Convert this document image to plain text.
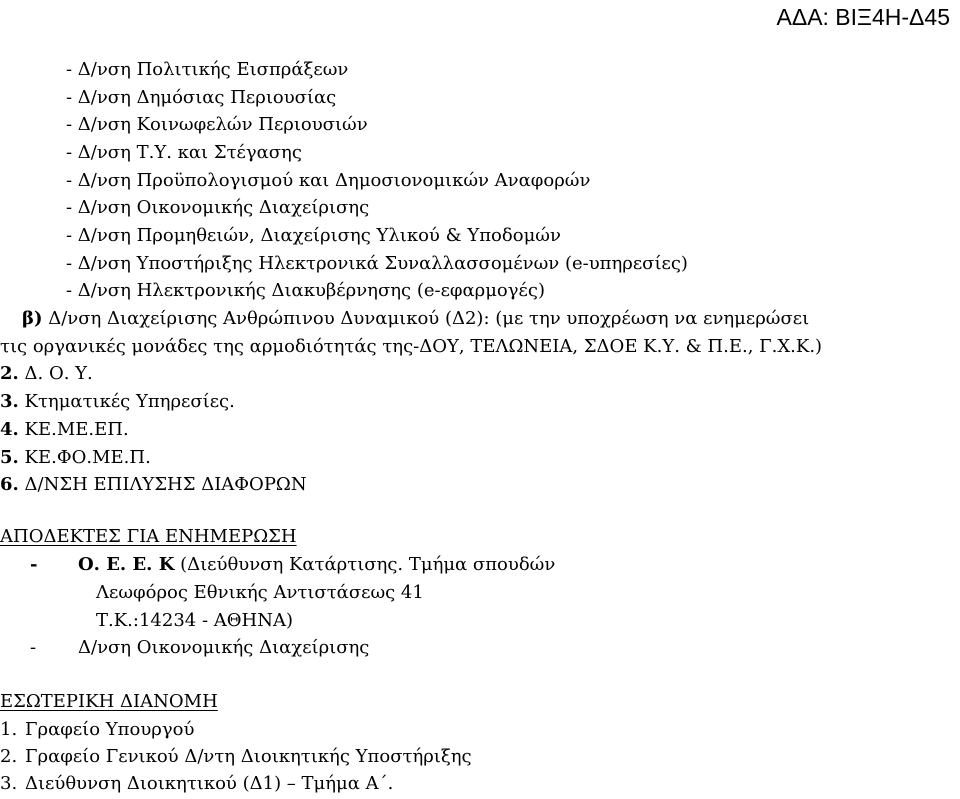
ΑΔΑ: ΒΙΞ4Η-Δ45
- Δ/νση Πολιτικής Εισπράξεων
- Δ/νση Δημόσιας Περιουσίας
- Δ/νση Κοινωφελών Περιουσιών
- Δ/νση Τ.Υ. και Στέγασης
- Δ/νση Προϋπολογισμού και Δημοσιονομικών Αναφορών
- Δ/νση Οικονομικής Διαχείρισης
- Δ/νση Προμηθειών, Διαχείρισης Υλικού & Υποδομών
- Δ/νση Υποστήριξης Ηλεκτρονικά Συναλλασσομένων (e-υπηρεσίες)
- Δ/νση Ηλεκτρονικής Διακυβέρνησης (e-εφαρμογές)
β) Δ/νση Διαχείρισης Ανθρώπινου Δυναμικού (Δ2): (με την υποχρέωση να ενημερώσει
τις οργανικές μονάδες της αρμοδιότητάς της-ΔΟΥ, ΤΕΛΩΝΕΙΑ, ΣΔΟΕ Κ.Υ. & Π.Ε., Γ.Χ.Κ.)
2. Δ. Ο. Υ.
3. Κτηματικές Υπηρεσίες.
4. ΚΕ.ΜΕ.ΕΠ.
5. ΚΕ.ΦΟ.ΜΕ.Π.
6. Δ/ΝΣΗ ΕΠΙΛΥΣΗΣ ΔΙΑΦΟΡΩΝ
ΑΠΟΔΕΚΤΕΣ ΓΙΑ ΕΝΗΜΕΡΩΣΗ
- Ο. Ε. Ε. Κ (Διεύθυνση Κατάρτισης. Τμήμα σπουδών
Λεωφόρος Εθνικής Αντιστάσεως 41
Τ.Κ.:14234 - ΑΘΗΝΑ)
- Δ/νση Οικονομικής Διαχείρισης
ΕΣΩΤΕΡΙΚΗ ΔΙΑΝΟΜΗ
1. Γραφείο Υπουργού
2. Γραφείο Γενικού Δ/ντη Διοικητικής Υποστήριξης
3. Διεύθυνση Διοικητικού (Δ1) – Τμήμα Α΄.
